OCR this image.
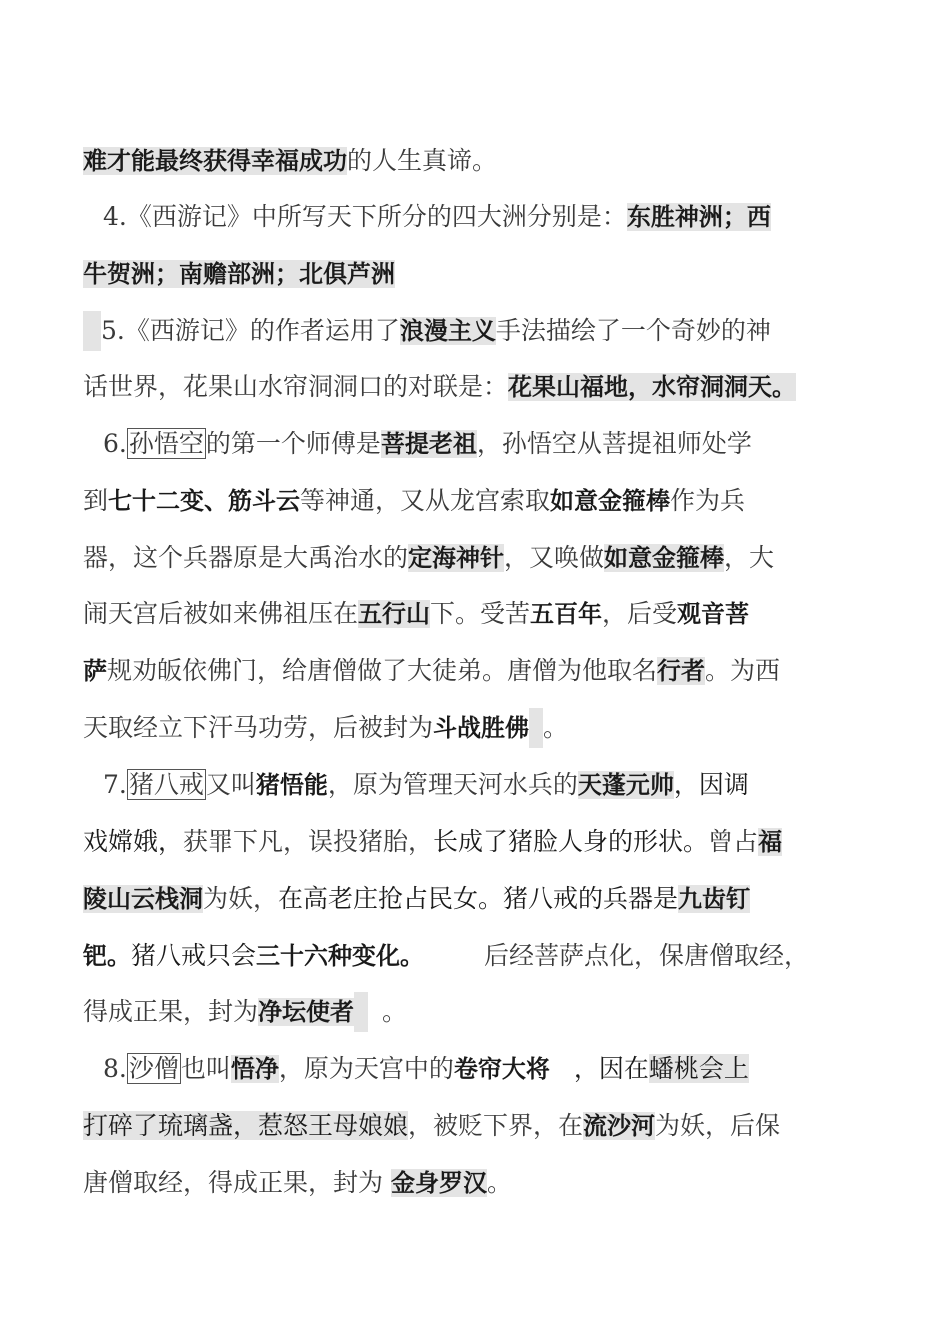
难才能最终获得幸福成功的人生真谛。
4.《西游记》中所写天下所分的四大洲分别是：东胜神洲；西
牛贺洲；南赡部洲；北俱芦洲
5.《西游记》的作者运用了浪漫主义手法描绘了一个奇妙的神
话世界，花果山水帘洞洞口的对联是：花果山福地，水帘洞洞天。
6.孙悟空的第一个师傅是菩提老祖，孙悟空从菩提祖师处学
到七十二变、筋斗云等神通，又从龙宫索取如意金箍棒作为兵
器，这个兵器原是大禹治水的定海神针，又唤做如意金箍棒，大
闹天宫后被如来佛祖压在五行山下。受苦五百年，后受观音菩
萨规劝皈依佛门，给唐僧做了大徒弟。唐僧为他取名行者。为西
天取经立下汗马功劳，后被封为斗战胜佛 。
7.猪八戒又叫猪悟能，原为管理天河水兵的天蓬元帅，因调
戏嫦娥，获罪下凡，误投猪胎，长成了猪脸人身的形状。曾占福
陵山云栈洞为妖，在高老庄抢占民女。猪八戒的兵器是九齿钉
钯。猪八戒只会三十六种变化。 后经菩萨点化，保唐僧取经，
得成正果，封为净坛使者 。
8.沙僧也叫悟净，原为天宫中的卷帘大将 ，因在蟠桃会上
打碎了琉璃盏，惹怒王母娘娘，被贬下界，在流沙河为妖，后保
唐僧取经，得成正果，封为 金身罗汉。
